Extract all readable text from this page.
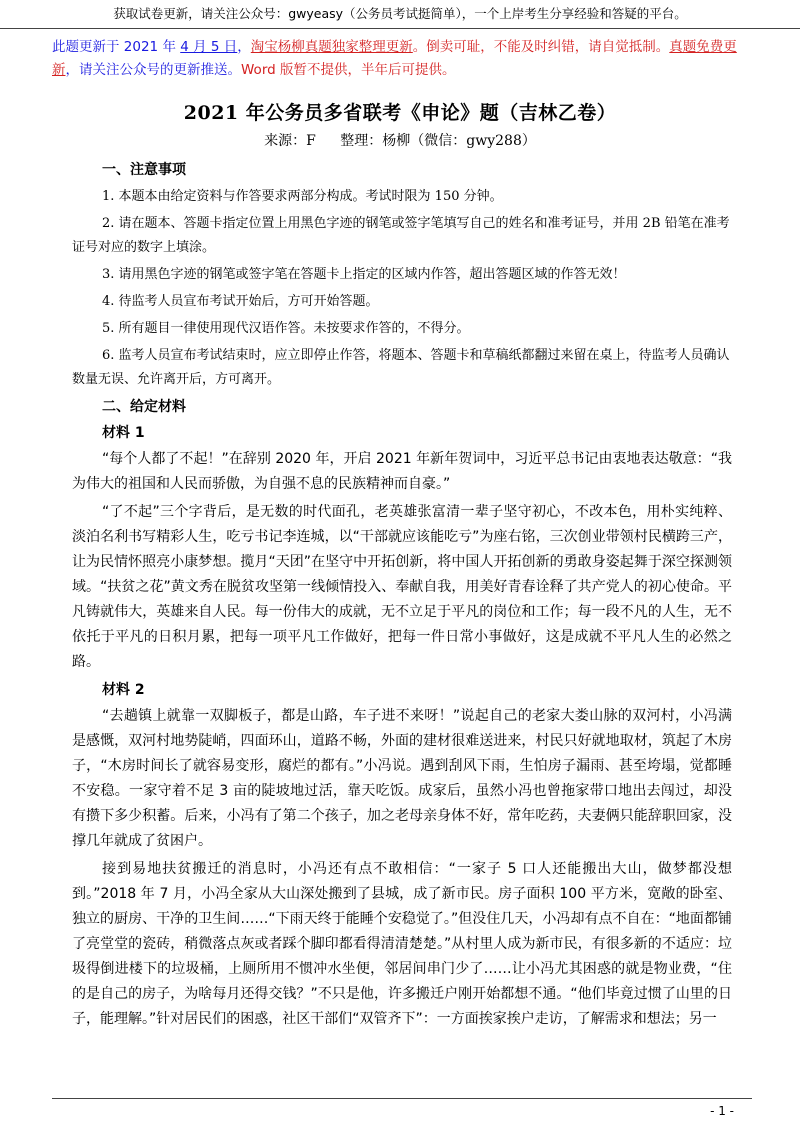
获取试卷更新，请关注公众号：gwyeasy（公务员考试挺简单），一个上岸考生分享经验和答疑的平台。
此题更新于 2021 年 4 月 5 日，淘宝杨柳真题独家整理更新。倒卖可耻，不能及时纠错，请自觉抵制。真题免费更新，请关注公众号的更新推送。Word 版暂不提供，半年后可提供。
2021 年公务员多省联考《申论》题（吉林乙卷）
来源：F 整理：杨柳（微信：gwy288）
一、注意事项
1. 本题本由给定资料与作答要求两部分构成。考试时限为 150 分钟。
2. 请在题本、答题卡指定位置上用黑色字迹的钢笔或签字笔填写自己的姓名和准考证号，并用 2B 铅笔在准考证号对应的数字上填涂。
3. 请用黑色字迹的钢笔或签字笔在答题卡上指定的区域内作答，超出答题区域的作答无效！
4. 待监考人员宣布考试开始后，方可开始答题。
5. 所有题目一律使用现代汉语作答。未按要求作答的，不得分。
6. 监考人员宣布考试结束时，应立即停止作答，将题本、答题卡和草稿纸都翻过来留在桌上，待监考人员确认数量无误、允许离开后，方可离开。
二、给定材料
材料 1
“每个人都了不起！”在辞别 2020 年，开启 2021 年新年贺词中，习近平总书记由衷地表达敬意：“我为伟大的祖国和人民而骄傲，为自强不息的民族精神而自豪。”
“了不起”三个字背后，是无数的时代面孔，老英雄张富清一辈子坚守初心，不改本色，用朴实纯粹、淡泊名利书写精彩人生，吃亏书记李连城，以“干部就应该能吃亏”为座右铭，三次创业带领村民横跨三产，让为民情怀照亮小康梦想。揽月“天团”在坚守中开拓创新，将中国人开拓创新的勇敢身姿起舞于深空探测领域。“扶贫之花”黄文秀在脱贫攻坚第一线倾情投入、奉献自我，用美好青春诠释了共产党人的初心使命。平凡铸就伟大，英雄来自人民。每一份伟大的成就，无不立足于平凡的岗位和工作；每一段不凡的人生，无不依托于平凡的日积月累，把每一项平凡工作做好，把每一件日常小事做好，这是成就不平凡人生的必然之路。
材料 2
“去趟镇上就靠一双脚板子，都是山路，车子进不来呀！”说起自己的老家大娄山脉的双河村，小冯满是感慨，双河村地势陡峭，四面环山，道路不畅，外面的建材很难送进来，村民只好就地取材，筑起了木房子，“木房时间长了就容易变形，腐烂的都有。”小冯说。遇到刮风下雨，生怕房子漏雨、甚至垮塌，觉都睡不安稳。一家守着不足 3 亩的陡坡地过活，靠天吃饭。成家后，虽然小冯也曾拖家带口地出去闯过，却没有攒下多少积蓄。后来，小冯有了第二个孩子，加之老母亲身体不好，常年吃药，夫妻俩只能辞职回家，没撑几年就成了贫困户。
接到易地扶贫搬迁的消息时，小冯还有点不敢相信：“一家子 5 口人还能搬出大山，做梦都没想到。”2018 年 7 月，小冯全家从大山深处搬到了县城，成了新市民。房子面积 100 平方米，宽敞的卧室、独立的厨房、干净的卫生间……“下雨天终于能睡个安稳觉了。”但没住几天，小冯却有点不自在：“地面都铺了亮堂堂的瓷砖，稍微落点灰或者踩个脚印都看得清清楚楚。”从村里人成为新市民，有很多新的不适应：垃圾得倒进楼下的垃圾桶，上厕所用不惯冲水坐便，邻居间串门少了……让小冯尤其困惑的就是物业费，“住的是自己的房子，为啥每月还得交钱？”不只是他，许多搬迁户刚开始都想不通。“他们毕竟过惯了山里的日子，能理解。”针对居民们的困惑，社区干部们“双管齐下”：一方面挨家挨户走访，了解需求和想法；另一
- 1 -
